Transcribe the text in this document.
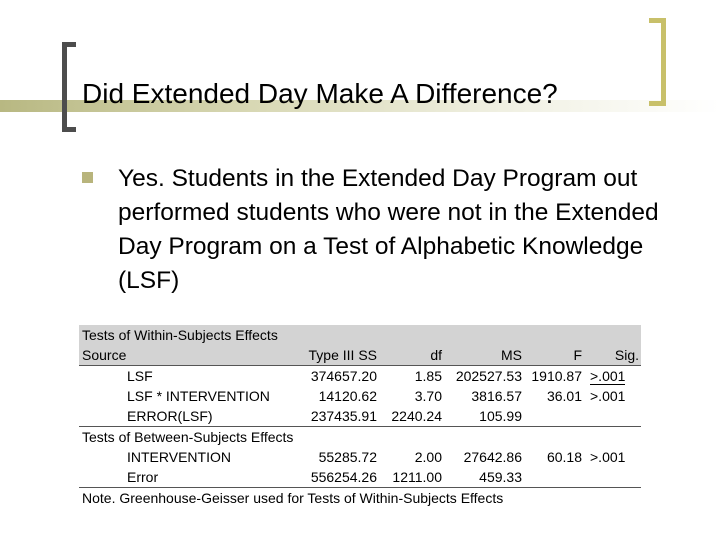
Did Extended Day Make A Difference?

Yes. Students in the Extended Day Program out performed students who were not in the Extended Day Program on a Test of Alphabetic Knowledge (LSF)

Tests of Within-Subjects Effects					
Source	Type III SS	df	MS	F	Sig.
LSF	374657.20	1.85	202527.53	1910.87	>.001
LSF * INTERVENTION	14120.62	3.70	3816.57	36.01	>.001
ERROR(LSF)	237435.91	2240.24	105.99		
Tests of Between-Subjects Effects					
INTERVENTION	55285.72	2.00	27642.86	60.18	>.001
Error	556254.26	1211.00	459.33		
Note. Greenhouse-Geisser used for Tests of Within-Subjects Effects					
